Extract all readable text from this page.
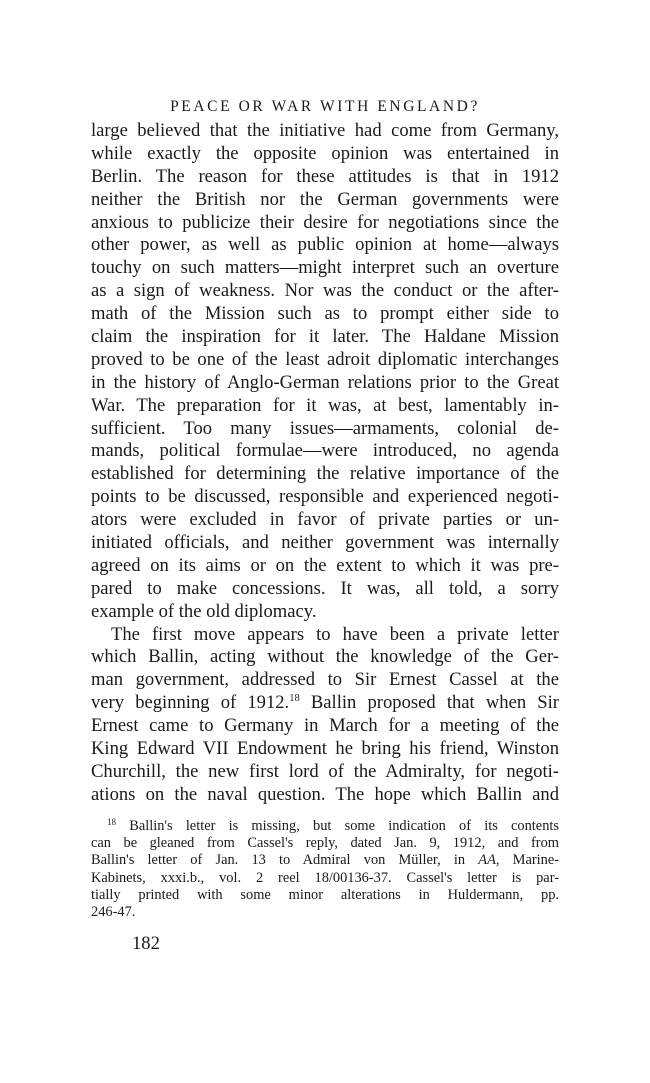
PEACE OR WAR WITH ENGLAND?
large believed that the initiative had come from Germany,
while exactly the opposite opinion was entertained in
Berlin. The reason for these attitudes is that in 1912
neither the British nor the German governments were
anxious to publicize their desire for negotiations since the
other power, as well as public opinion at home—always
touchy on such matters—might interpret such an overture
as a sign of weakness. Nor was the conduct or the after-
math of the Mission such as to prompt either side to
claim the inspiration for it later. The Haldane Mission
proved to be one of the least adroit diplomatic interchanges
in the history of Anglo-German relations prior to the Great
War. The preparation for it was, at best, lamentably in-
sufficient. Too many issues—armaments, colonial de-
mands, political formulae—were introduced, no agenda
established for determining the relative importance of the
points to be discussed, responsible and experienced negoti-
ators were excluded in favor of private parties or un-
initiated officials, and neither government was internally
agreed on its aims or on the extent to which it was pre-
pared to make concessions. It was, all told, a sorry
example of the old diplomacy.
The first move appears to have been a private letter
which Ballin, acting without the knowledge of the Ger-
man government, addressed to Sir Ernest Cassel at the
very beginning of 1912.18 Ballin proposed that when Sir
Ernest came to Germany in March for a meeting of the
King Edward VII Endowment he bring his friend, Winston
Churchill, the new first lord of the Admiralty, for negoti-
ations on the naval question. The hope which Ballin and
$^{18}$ Ballin's letter is missing, but some indication of its contents
can be gleaned from Cassel's reply, dated Jan. 9, 1912, and from
Ballin's letter of Jan. 13 to Admiral von Müller, in AA, Marine-
Kabinets, xxxi.b., vol. 2 reel 18/00136-37. Cassel's letter is par-
tially printed with some minor alterations in Huldermann, pp.
246-47.
182
